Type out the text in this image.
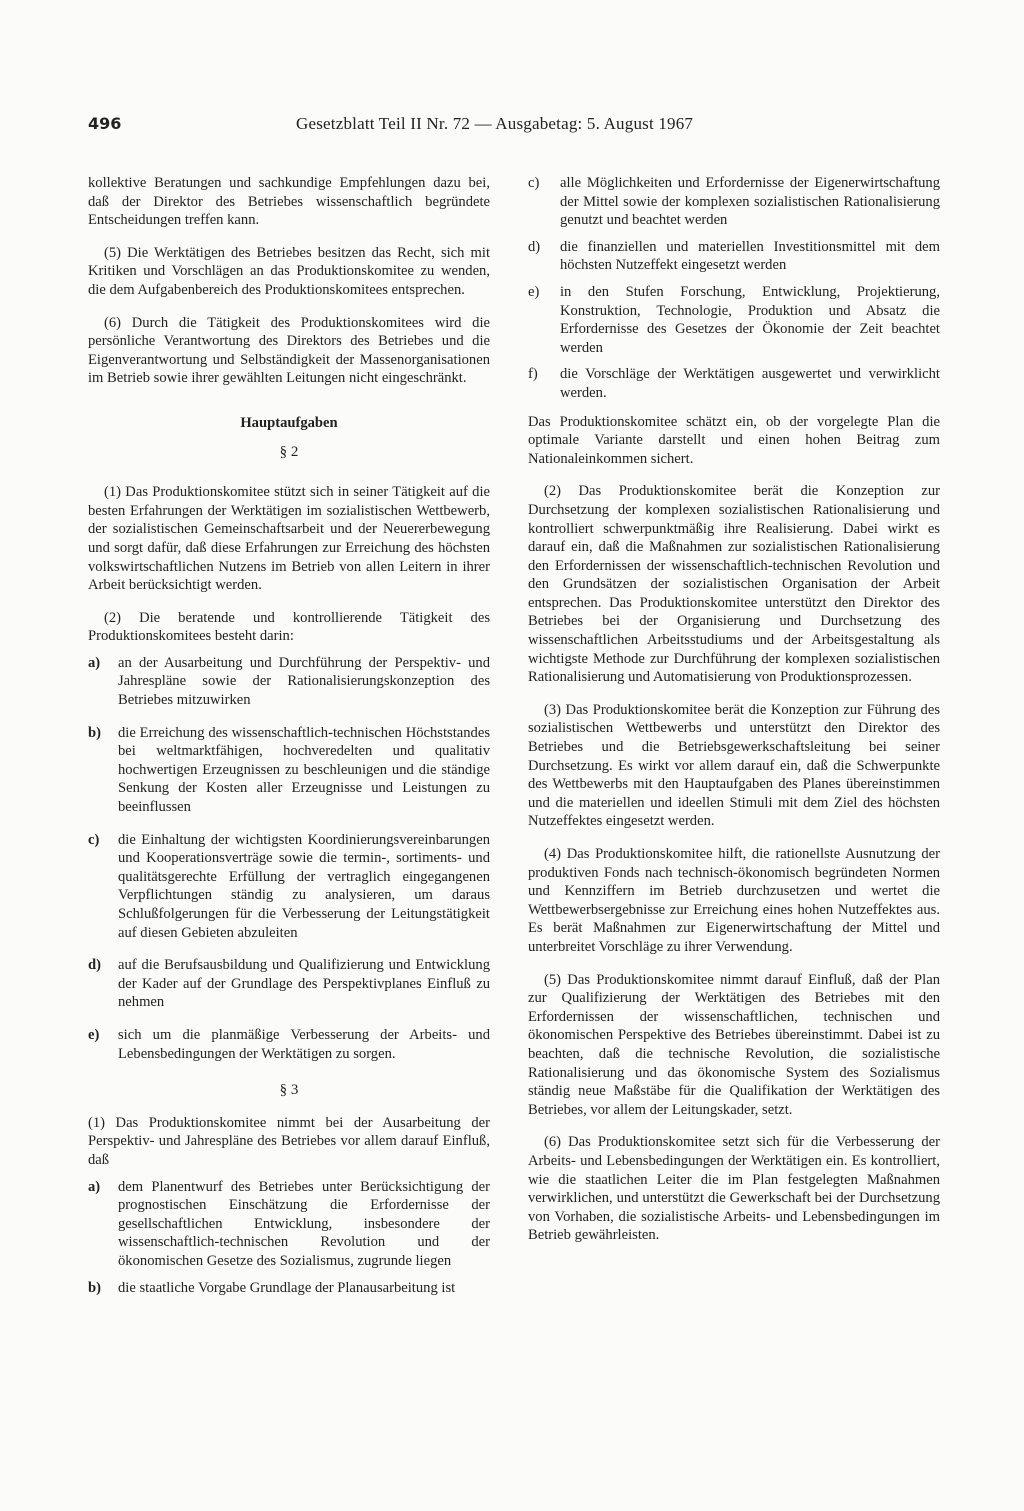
496	Gesetzblatt Teil II Nr. 72 — Ausgabetag: 5. August 1967

kollektive Beratungen und sachkundige Empfehlungen dazu bei, daß der Direktor des Betriebes wissenschaftlich begründete Entscheidungen treffen kann.

(5) Die Werktätigen des Betriebes besitzen das Recht, sich mit Kritiken und Vorschlägen an das Produktionskomitee zu wenden, die dem Aufgabenbereich des Produktionskomitees entsprechen.

(6) Durch die Tätigkeit des Produktionskomitees wird die persönliche Verantwortung des Direktors des Betriebes und die Eigenverantwortung und Selbständigkeit der Massenorganisationen im Betrieb sowie ihrer gewählten Leitungen nicht eingeschränkt.

Hauptaufgaben

§ 2

(1) Das Produktionskomitee stützt sich in seiner Tätigkeit auf die besten Erfahrungen der Werktätigen im sozialistischen Wettbewerb, der sozialistischen Gemeinschaftsarbeit und der Neuererbewegung und sorgt dafür, daß diese Erfahrungen zur Erreichung des höchsten volkswirtschaftlichen Nutzens im Betrieb von allen Leitern in ihrer Arbeit berücksichtigt werden.

(2) Die beratende und kontrollierende Tätigkeit des Produktionskomitees besteht darin:

a)	an der Ausarbeitung und Durchführung der Perspektiv- und Jahrespläne sowie der Rationalisierungskonzeption des Betriebes mitzuwirken
b)	die Erreichung des wissenschaftlich-technischen Höchststandes bei weltmarktfähigen, hochveredelten und qualitativ hochwertigen Erzeugnissen zu beschleunigen und die ständige Senkung der Kosten aller Erzeugnisse und Leistungen zu beeinflussen
c)	die Einhaltung der wichtigsten Koordinierungsvereinbarungen und Kooperationsverträge sowie die termin-, sortiments- und qualitätsgerechte Erfüllung der vertraglich eingegangenen Verpflichtungen ständig zu analysieren, um daraus Schlußfolgerungen für die Verbesserung der Leitungstätigkeit auf diesen Gebieten abzuleiten
d)	auf die Berufsausbildung und Qualifizierung und Entwicklung der Kader auf der Grundlage des Perspektivplanes Einfluß zu nehmen
e)	sich um die planmäßige Verbesserung der Arbeits- und Lebensbedingungen der Werktätigen zu sorgen.

§ 3

(1) Das Produktionskomitee nimmt bei der Ausarbeitung der Perspektiv- und Jahrespläne des Betriebes vor allem darauf Einfluß, daß

a)	dem Planentwurf des Betriebes unter Berücksichtigung der prognostischen Einschätzung die Erfordernisse der gesellschaftlichen Entwicklung, insbesondere der wissenschaftlich-technischen Revolution und der ökonomischen Gesetze des Sozialismus, zugrunde liegen
b)	die staatliche Vorgabe Grundlage der Planausarbeitung ist
c)	alle Möglichkeiten und Erfordernisse der Eigenerwirtschaftung der Mittel sowie der komplexen sozialistischen Rationalisierung genutzt und beachtet werden
d)	die finanziellen und materiellen Investitionsmittel mit dem höchsten Nutzeffekt eingesetzt werden
e)	in den Stufen Forschung, Entwicklung, Projektierung, Konstruktion, Technologie, Produktion und Absatz die Erfordernisse des Gesetzes der Ökonomie der Zeit beachtet werden
f)	die Vorschläge der Werktätigen ausgewertet und verwirklicht werden.

Das Produktionskomitee schätzt ein, ob der vorgelegte Plan die optimale Variante darstellt und einen hohen Beitrag zum Nationaleinkommen sichert.

(2) Das Produktionskomitee berät die Konzeption zur Durchsetzung der komplexen sozialistischen Rationalisierung und kontrolliert schwerpunktmäßig ihre Realisierung. Dabei wirkt es darauf ein, daß die Maßnahmen zur sozialistischen Rationalisierung den Erfordernissen der wissenschaftlich-technischen Revolution und den Grundsätzen der sozialistischen Organisation der Arbeit entsprechen. Das Produktionskomitee unterstützt den Direktor des Betriebes bei der Organisierung und Durchsetzung des wissenschaftlichen Arbeitsstudiums und der Arbeitsgestaltung als wichtigste Methode zur Durchführung der komplexen sozialistischen Rationalisierung und Automatisierung von Produktionsprozessen.

(3) Das Produktionskomitee berät die Konzeption zur Führung des sozialistischen Wettbewerbs und unterstützt den Direktor des Betriebes und die Betriebsgewerkschaftsleitung bei seiner Durchsetzung. Es wirkt vor allem darauf ein, daß die Schwerpunkte des Wettbewerbs mit den Hauptaufgaben des Planes übereinstimmen und die materiellen und ideellen Stimuli mit dem Ziel des höchsten Nutzeffektes eingesetzt werden.

(4) Das Produktionskomitee hilft, die rationellste Ausnutzung der produktiven Fonds nach technisch-ökonomisch begründeten Normen und Kennziffern im Betrieb durchzusetzen und wertet die Wettbewerbsergebnisse zur Erreichung eines hohen Nutzeffektes aus. Es berät Maßnahmen zur Eigenerwirtschaftung der Mittel und unterbreitet Vorschläge zu ihrer Verwendung.

(5) Das Produktionskomitee nimmt darauf Einfluß, daß der Plan zur Qualifizierung der Werktätigen des Betriebes mit den Erfordernissen der wissenschaftlichen, technischen und ökonomischen Perspektive des Betriebes übereinstimmt. Dabei ist zu beachten, daß die technische Revolution, die sozialistische Rationalisierung und das ökonomische System des Sozialismus ständig neue Maßstäbe für die Qualifikation der Werktätigen des Betriebes, vor allem der Leitungskader, setzt.

(6) Das Produktionskomitee setzt sich für die Verbesserung der Arbeits- und Lebensbedingungen der Werktätigen ein. Es kontrolliert, wie die staatlichen Leiter die im Plan festgelegten Maßnahmen verwirklichen, und unterstützt die Gewerkschaft bei der Durchsetzung von Vorhaben, die sozialistische Arbeits- und Lebensbedingungen im Betrieb gewährleisten.
